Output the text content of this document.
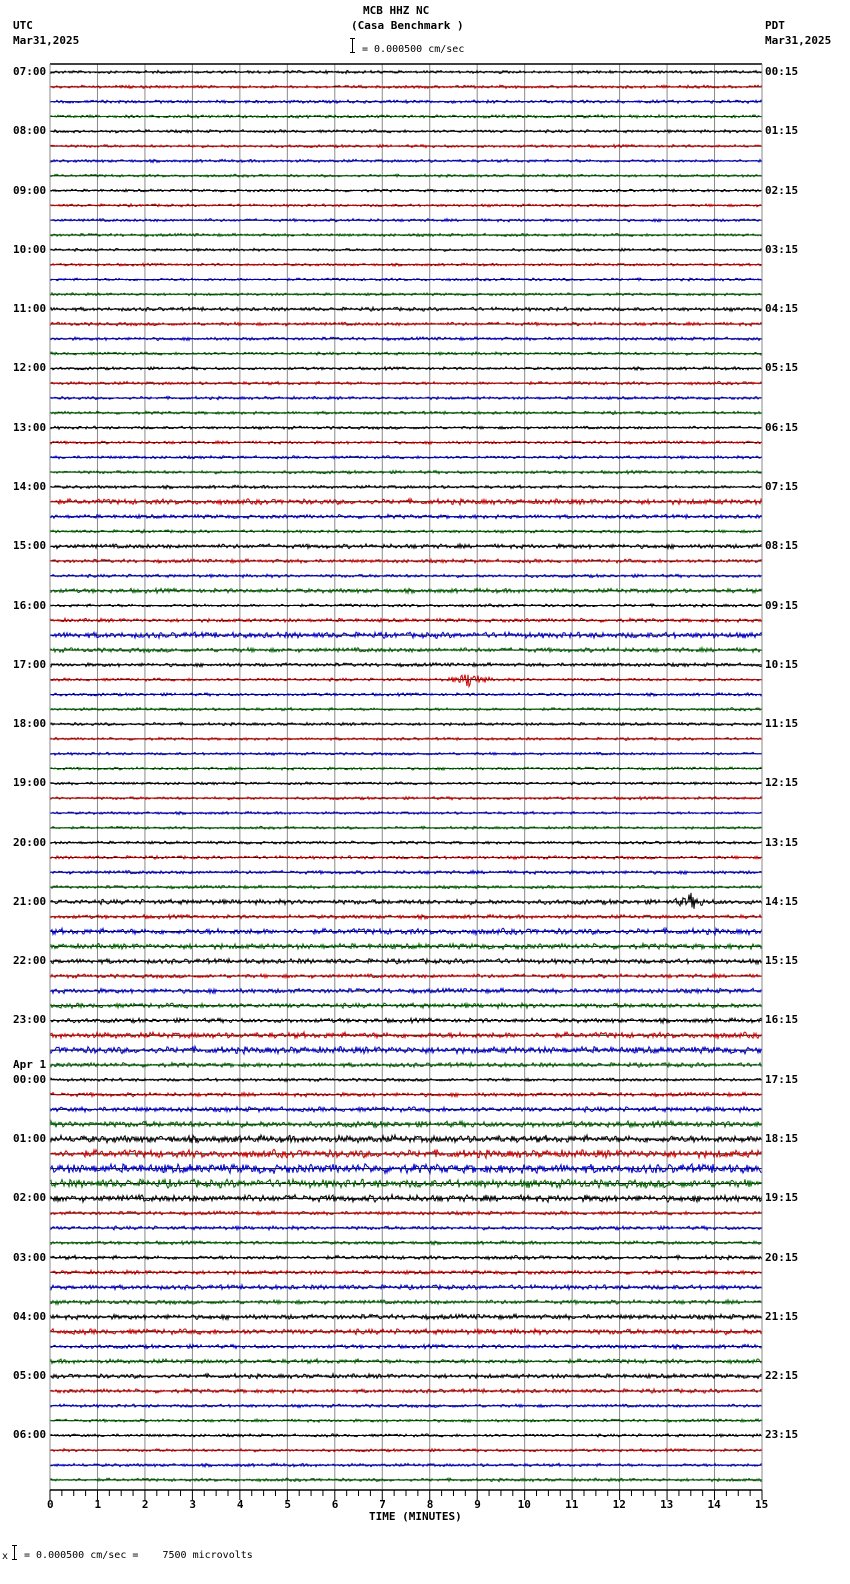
MCB HHZ NC
(Casa Benchmark )
= 0.000500 cm/sec
UTC
Mar31,2025
PDT
Mar31,2025
07:00
08:00
09:00
10:00
11:00
12:00
13:00
14:00
15:00
16:00
17:00
18:00
19:00
20:00
21:00
22:00
23:00
00:00
Apr 1
01:00
02:00
03:00
04:00
05:00
06:00
00:15
01:15
02:15
03:15
04:15
05:15
06:15
07:15
08:15
09:15
10:15
11:15
12:15
13:15
14:15
15:15
16:15
17:15
18:15
19:15
20:15
21:15
22:15
23:15
0	1	2	3	4	5	6	7	8	9	10	11	12	13	14	15
TIME (MINUTES)
x = 0.000500 cm/sec =    7500 microvolts
